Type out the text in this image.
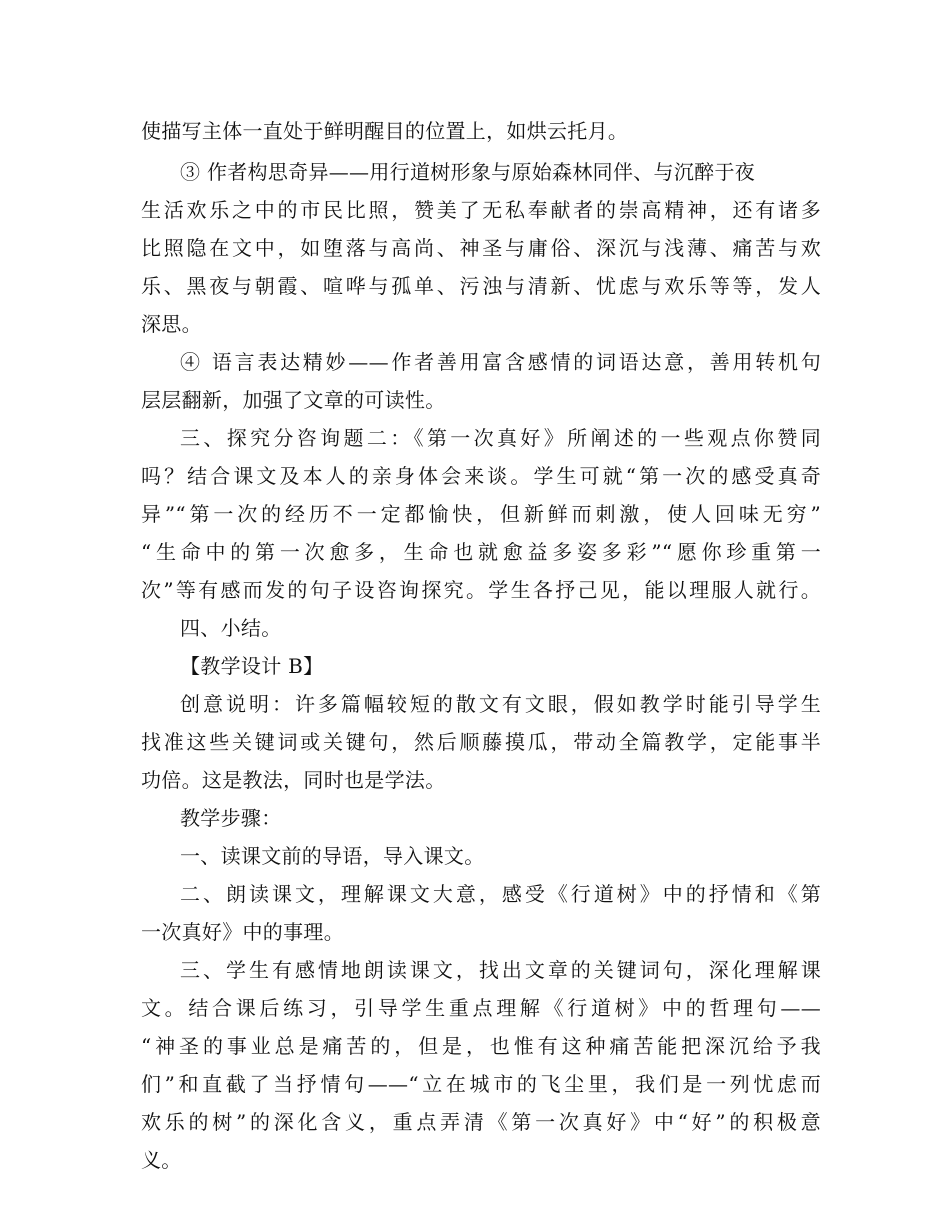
使描写主体一直处于鲜明醒目的位置上，如烘云托月。
③ 作者构思奇异——用行道树形象与原始森林同伴、与沉醉于夜
生活欢乐之中的市民比照，赞美了无私奉献者的崇高精神，还有诸多
比照隐在文中，如堕落与高尚、神圣与庸俗、深沉与浅薄、痛苦与欢
乐、黑夜与朝霞、喧哗与孤单、污浊与清新、忧虑与欢乐等等，发人
深思。
④ 语言表达精妙——作者善用富含感情的词语达意，善用转机句
层层翻新，加强了文章的可读性。
三、探究分咨询题二：《第一次真好》所阐述的一些观点你赞同
吗？结合课文及本人的亲身体会来谈。学生可就“第一次的感受真奇
异”“第一次的经历不一定都愉快，但新鲜而刺激，使人回味无穷”
“生命中的第一次愈多，生命也就愈益多姿多彩”“愿你珍重第一
次”等有感而发的句子设咨询探究。学生各抒己见，能以理服人就行。
四、小结。
【教学设计 B】
创意说明：许多篇幅较短的散文有文眼，假如教学时能引导学生
找准这些关键词或关键句，然后顺藤摸瓜，带动全篇教学，定能事半
功倍。这是教法，同时也是学法。
教学步骤：
一、读课文前的导语，导入课文。
二、朗读课文，理解课文大意，感受《行道树》中的抒情和《第
一次真好》中的事理。
三、学生有感情地朗读课文，找出文章的关键词句，深化理解课
文。结合课后练习，引导学生重点理解《行道树》中的哲理句——
“神圣的事业总是痛苦的，但是，也惟有这种痛苦能把深沉给予我
们”和直截了当抒情句——“立在城市的飞尘里，我们是一列忧虑而
欢乐的树”的深化含义，重点弄清《第一次真好》中“好”的积极意
义。
